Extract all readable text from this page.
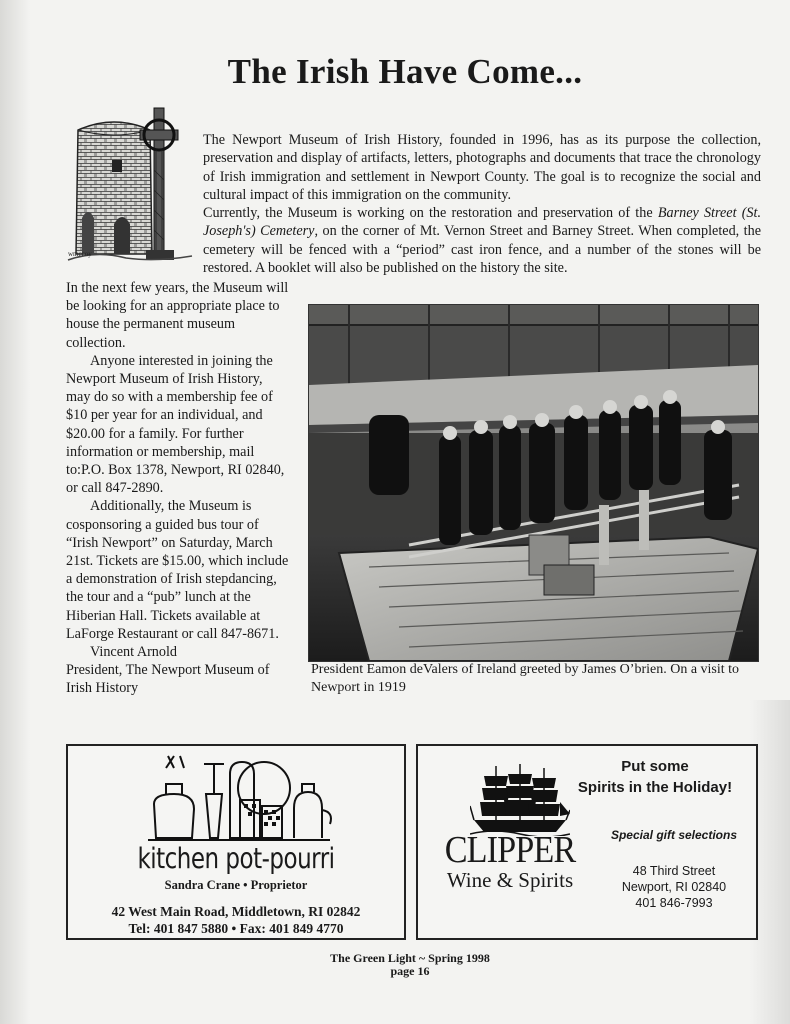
The Irish Have Come...
wmccoy

The Newport Museum of Irish History, founded in 1996, has as its purpose the collection, preservation and display of artifacts, letters, photographs and documents that trace the chronology of Irish immigration and settlement in Newport County. The goal is to recognize the social and cultural impact of this immigration on the community.

Currently, the Museum is working on the restoration and preservation of the Barney Street (St. Joseph's) Cemetery, on the corner of Mt. Vernon Street and Barney Street. When completed, the cemetery will be fenced with a “period” cast iron fence, and a number of the stones will be restored. A booklet will also be published on the history the site.

In the next few years, the Museum will be looking for an appropriate place to house the permanent museum collection.

Anyone interested in joining the Newport Museum of Irish History, may do so with a membership fee of $10 per year for an individual, and $20.00 for a family. For further information or membership, mail to:P.O. Box 1378, Newport, RI 02840, or call 847-2890.

Additionally, the Museum is cosponsoring a guided bus tour of “Irish Newport” on Saturday, March 21st. Tickets are $15.00, which include a demonstration of Irish stepdancing, the tour and a “pub” lunch at the Hiberian Hall. Tickets available at LaForge Restaurant or call 847-8671.

Vincent Arnold

President, The Newport Museum of Irish History

President Eamon deValers of Ireland greeted by James O’brien. On a visit to Newport in 1919

kitchen pot-pourri
Sandra Crane • Proprietor
42 West Main Road, Middletown, RI 02842
Tel: 401 847 5880 • Fax: 401 849 4770
Put some
Spirits in the Holiday!
CLIPPER
Wine & Spirits
Special gift selections
48 Third Street
Newport, RI 02840
401 846-7993
The Green Light ~ Spring 1998
page 16
